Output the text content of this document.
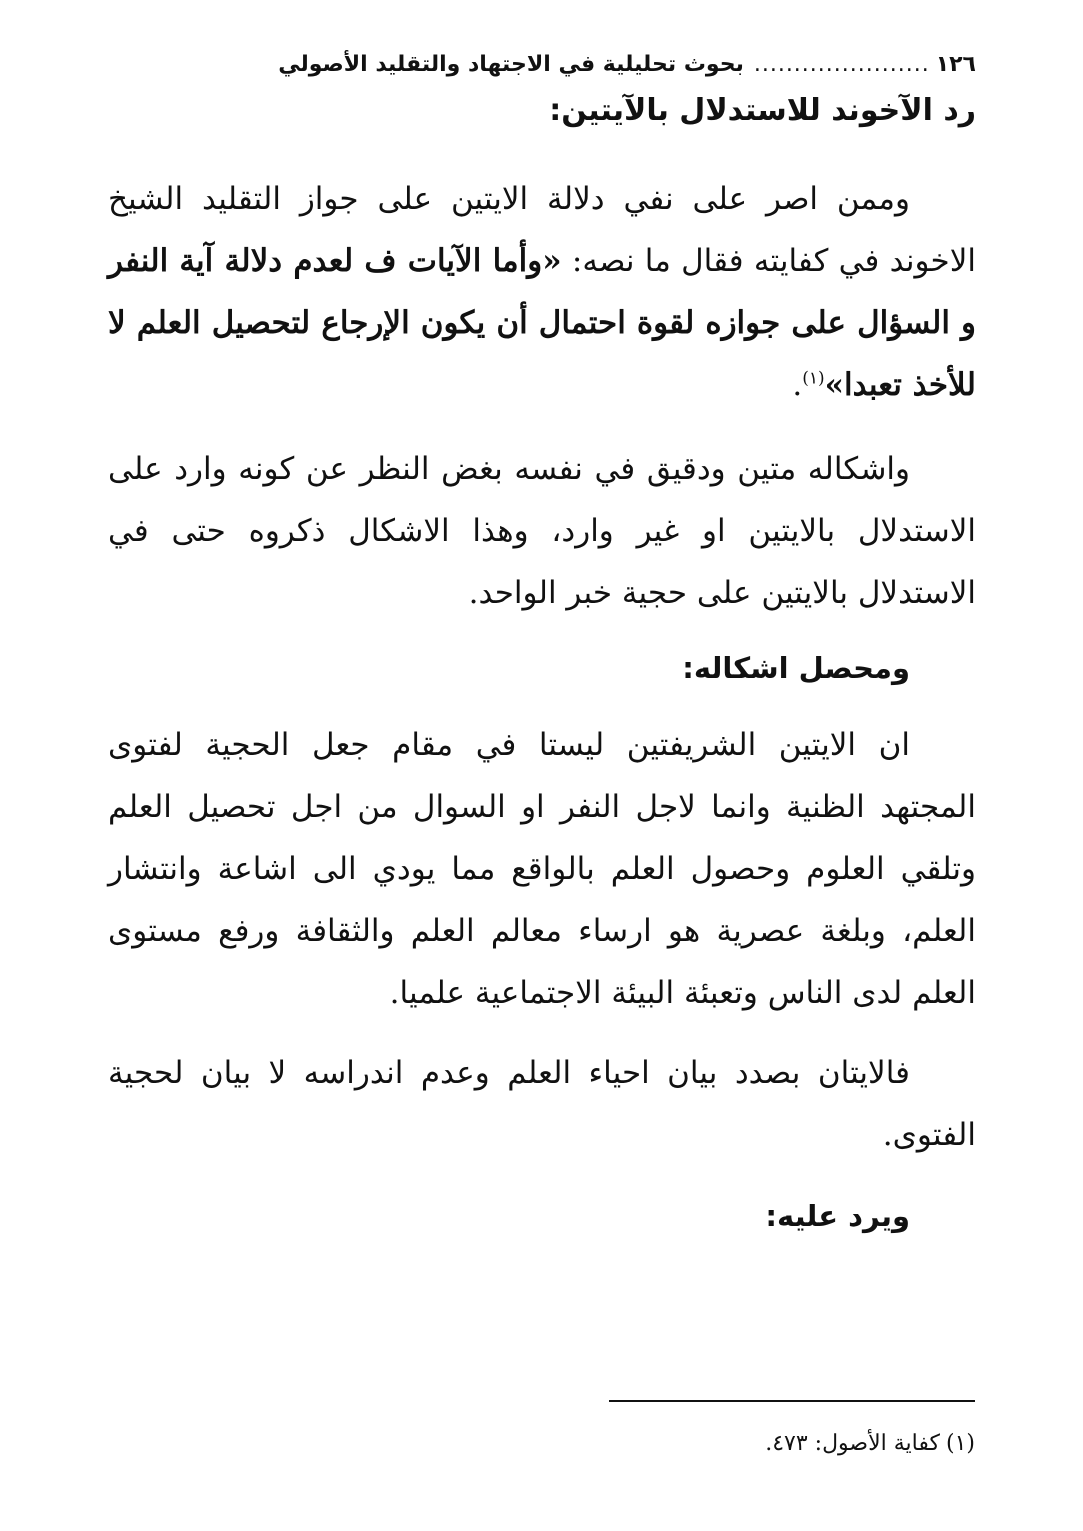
١٢٦
......................
بحوث تحليلية في الاجتهاد والتقليد الأصولي
رد الآخوند للاستدلال بالآيتين:

وممن اصر على نفي دلالة الايتين على جواز التقليد الشيخ الاخوند في كفايته فقال ما نصه: «وأما الآيات ف لعدم دلالة آية النفر و السؤال على جوازه لقوة احتمال أن يكون الإرجاع لتحصيل العلم لا للأخذ تعبدا»$^{(١)}$.

واشكاله متين ودقيق في نفسه بغض النظر عن كونه وارد على الاستدلال بالايتين او غير وارد، وهذا الاشكال ذكروه حتى في الاستدلال بالايتين على حجية خبر الواحد.

ومحصل اشكاله:

ان الايتين الشريفتين ليستا في مقام جعل الحجية لفتوى المجتهد الظنية وانما لاجل النفر او السوال من اجل تحصيل العلم وتلقي العلوم وحصول العلم بالواقع مما يودي الى اشاعة وانتشار العلم، وبلغة عصرية هو ارساء معالم العلم والثقافة ورفع مستوى العلم لدى الناس وتعبئة البيئة الاجتماعية علميا.

فالايتان بصدد بيان احياء العلم وعدم اندراسه لا بيان لحجية الفتوى.

ويرد عليه:
(١)كفاية الأصول: ٤٧٣.
